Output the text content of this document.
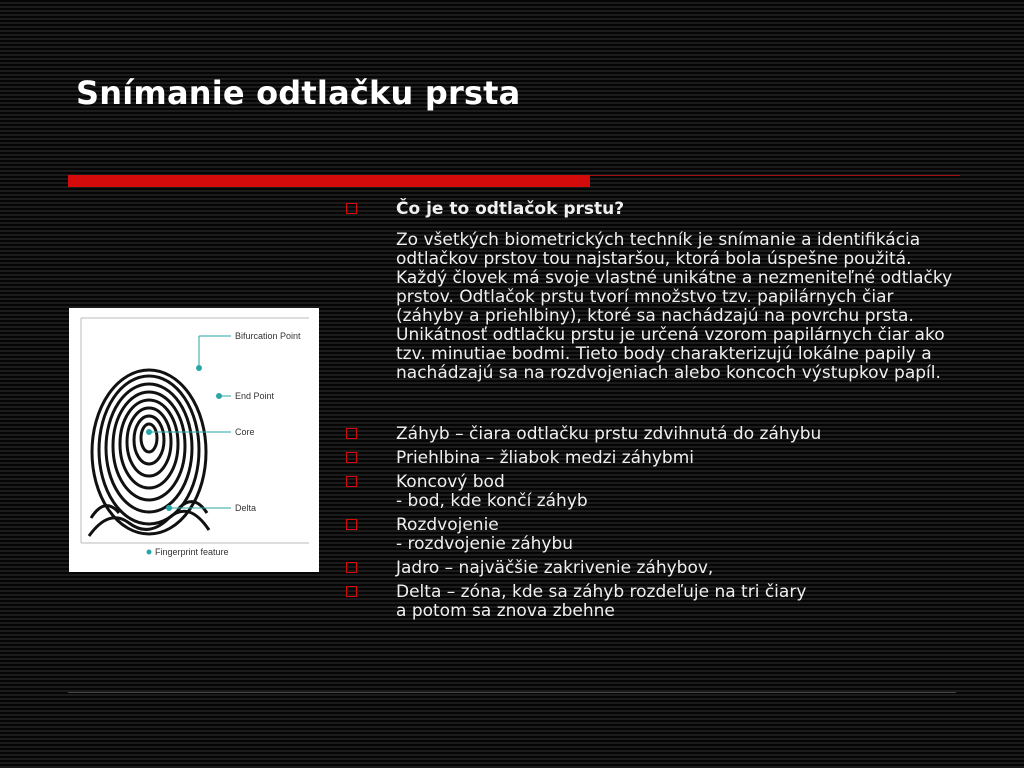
Snímanie odtlačku prsta
Bifurcation Point
End Point
Core
Delta
Fingerprint feature
Čo je to odtlačok prstu?
Zo všetkých biometrických techník je snímanie a identifikácia odtlačkov prstov tou najstaršou, ktorá bola úspešne použitá. Každý človek má svoje vlastné unikátne a nezmeniteľné odtlačky prstov. Odtlačok prstu tvorí množstvo tzv. papilárnych čiar (záhyby a priehlbiny), ktoré sa nachádzajú na povrchu prsta. Unikátnosť odtlačku prstu je určená vzorom papilárnych čiar ako tzv. minutiae bodmi. Tieto body charakterizujú lokálne papily a nachádzajú sa na rozdvojeniach alebo koncoch výstupkov papíl.
Záhyb – čiara odtlačku prstu zdvihnutá do záhybu
Priehlbina – žliabok medzi záhybmi
Koncový bod
- bod, kde končí záhyb
Rozdvojenie
- rozdvojenie záhybu
Jadro – najväčšie zakrivenie záhybov,
Delta – zóna, kde sa záhyb rozdeľuje na tri čiary
a potom sa znova zbehne
